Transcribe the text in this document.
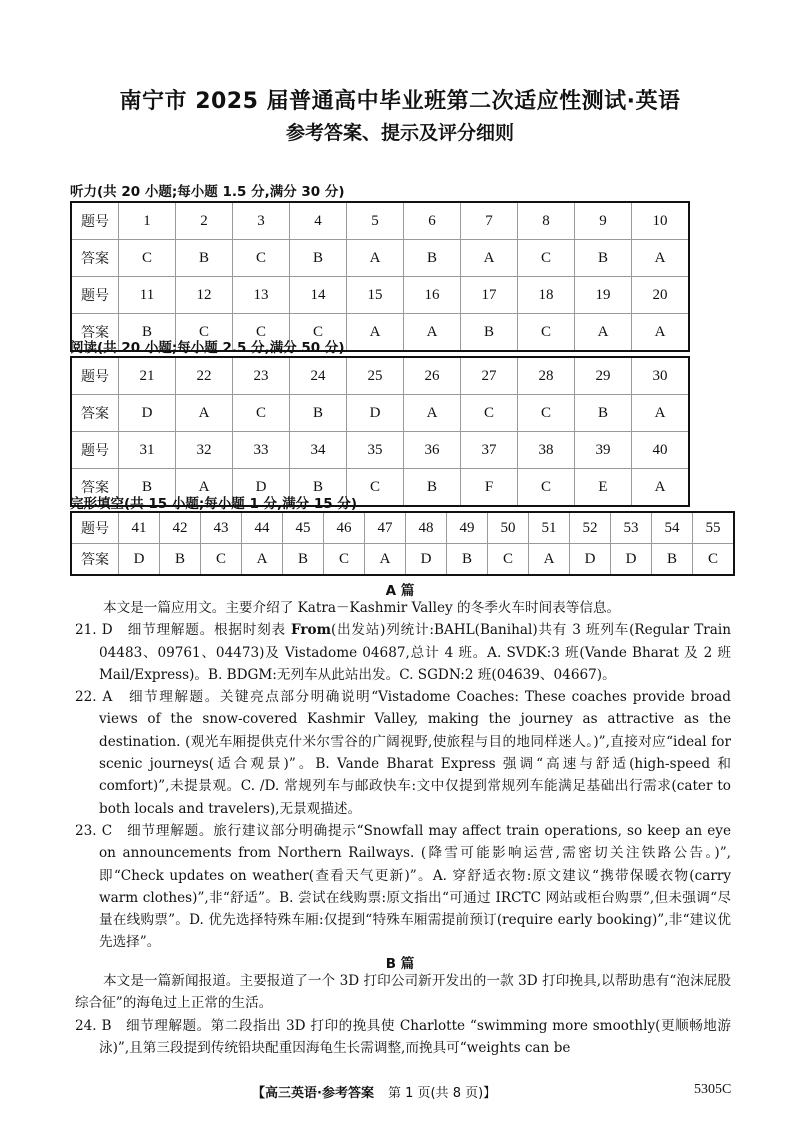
南宁市 2025 届普通高中毕业班第二次适应性测试·英语
参考答案、提示及评分细则
听力(共 20 小题;每小题 1.5 分,满分 30 分)
题号	1	2	3	4	5	6	7	8	9	10
答案	C	B	C	B	A	B	A	C	B	A
题号	11	12	13	14	15	16	17	18	19	20
答案	B	C	C	C	A	A	B	C	A	A
阅读(共 20 小题;每小题 2.5 分,满分 50 分)
题号	21	22	23	24	25	26	27	28	29	30
答案	D	A	C	B	D	A	C	C	B	A
题号	31	32	33	34	35	36	37	38	39	40
答案	B	A	D	B	C	B	F	C	E	A
完形填空(共 15 小题;每小题 1 分,满分 15 分)
题号	41	42	43	44	45	46	47	48	49	50	51	52	53	54	55
答案	D	B	C	A	B	C	A	D	B	C	A	D	D	B	C
A 篇

本文是一篇应用文。主要介绍了 Katra－Kashmir Valley 的冬季火车时间表等信息。

21. D　细节理解题。根据时刻表 From(出发站)列统计:BAHL(Banihal)共有 3 班列车(Regular Train 04483、09761、04473)及 Vistadome 04687,总计 4 班。A. SVDK:3 班(Vande Bharat 及 2 班 Mail/Express)。B. BDGM:无列车从此站出发。C. SGDN:2 班(04639、04667)。

22. A　细节理解题。关键亮点部分明确说明“Vistadome Coaches: These coaches provide broad views of the snow-covered Kashmir Valley, making the journey as attractive as the destination. (观光车厢提供克什米尔雪谷的广阔视野,使旅程与目的地同样迷人。)”,直接对应“ideal for scenic journeys(适合观景)”。B. Vande Bharat Express 强调“高速与舒适(high-speed 和 comfort)”,未提景观。C. /D. 常规列车与邮政快车:文中仅提到常规列车能满足基础出行需求(cater to both locals and travelers),无景观描述。

23. C　细节理解题。旅行建议部分明确提示“Snowfall may affect train operations, so keep an eye on announcements from Northern Railways. (降雪可能影响运营,需密切关注铁路公告。)”,即“Check updates on weather(查看天气更新)”。A. 穿舒适衣物:原文建议“携带保暖衣物(carry warm clothes)”,非“舒适”。B. 尝试在线购票:原文指出“可通过 IRCTC 网站或柜台购票”,但未强调“尽量在线购票”。D. 优先选择特殊车厢:仅提到“特殊车厢需提前预订(require early booking)”,非“建议优先选择”。

B 篇

本文是一篇新闻报道。主要报道了一个 3D 打印公司新开发出的一款 3D 打印挽具,以帮助患有“泡沫屁股综合征”的海龟过上正常的生活。

24. B　细节理解题。第二段指出 3D 打印的挽具使 Charlotte “swimming more smoothly(更顺畅地游泳)”,且第三段提到传统铅块配重因海龟生长需调整,而挽具可“weights can be

【高三英语·参考答案 第 1 页(共 8 页)】	5305C
